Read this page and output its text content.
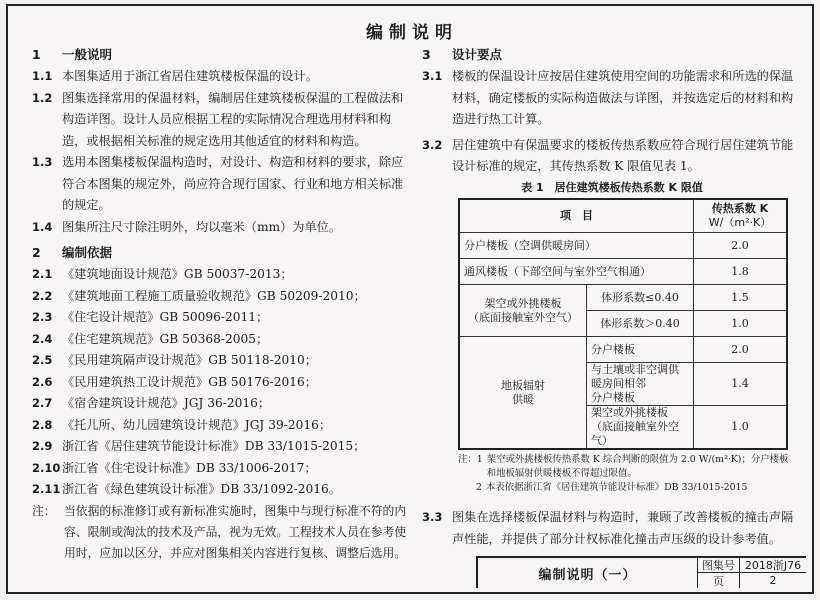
编制说明
1 一般说明
1.1 本图集适用于浙江省居住建筑楼板保温的设计。
1.2 图集选择常用的保温材料，编制居住建筑楼板保温的工程做法和构造详图。设计人员应根据工程的实际情况合理选用材料和构造，或根据相关标准的规定选用其他适宜的材料和构造。
1.3 选用本图集楼板保温构造时，对设计、构造和材料的要求，除应符合本图集的规定外，尚应符合现行国家、行业和地方相关标准的规定。
1.4 图集所注尺寸除注明外，均以毫米（mm）为单位。
2 编制依据
2.1 《建筑地面设计规范》GB 50037-2013；
2.2 《建筑地面工程施工质量验收规范》GB 50209-2010；
2.3 《住宅设计规范》GB 50096-2011；
2.4 《住宅建筑规范》GB 50368-2005；
2.5 《民用建筑隔声设计规范》GB 50118-2010；
2.6 《民用建筑热工设计规范》GB 50176-2016；
2.7 《宿舍建筑设计规范》JGJ 36-2016；
2.8 《托儿所、幼儿园建筑设计规范》JGJ 39-2016；
2.9 浙江省《居住建筑节能设计标准》DB 33/1015-2015；
2.10 浙江省《住宅设计标准》DB 33/1006-2017；
2.11 浙江省《绿色建筑设计标准》DB 33/1092-2016。
注： 当依据的标准修订或有新标准实施时，图集中与现行标准不符的内容、限制或淘汰的技术及产品，视为无效。工程技术人员在参考使用时，应加以区分，并应对图集相关内容进行复核、调整后选用。
3 设计要点
3.1 楼板的保温设计应按居住建筑使用空间的功能需求和所选的保温材料，确定楼板的实际构造做法与详图，并按选定后的材料和构造进行热工计算。
3.2 居住建筑中有保温要求的楼板传热系数应符合现行居住建筑节能设计标准的规定，其传热系数 K 限值见表 1。
表 1　居住建筑楼板传热系数 K 限值
项　目		传热系数 K
W/（m²·K）

分户楼板（空调供暖房间）		2.0
通风楼板（下部空间与室外空气相通）		1.8

架空或外挑楼板
（底面接触室外空气）	体形系数≤0.40	1.5
	体形系数＞0.40	1.0

地板辐射
供暖	分户楼板	2.0

	与土壤或非空调供暖房间相邻
分户楼板	1.4

	架空或外挑楼板
（底面接触室外空气）	1.0
注： 1 架空或外挑楼板传热系数 K 综合判断的限值为 2.0 W/(m²·K)；分户楼板和地板辐射供暖楼板不得超过限值。
2 本表依据浙江省《居住建筑节能设计标准》DB 33/1015-2015
3.3 图集在选择楼板保温材料与构造时，兼顾了改善楼板的撞击声隔声性能，并提供了部分计权标准化撞击声压级的设计参考值。
编制说明（一）
图集号 2018浙J76
页	2
